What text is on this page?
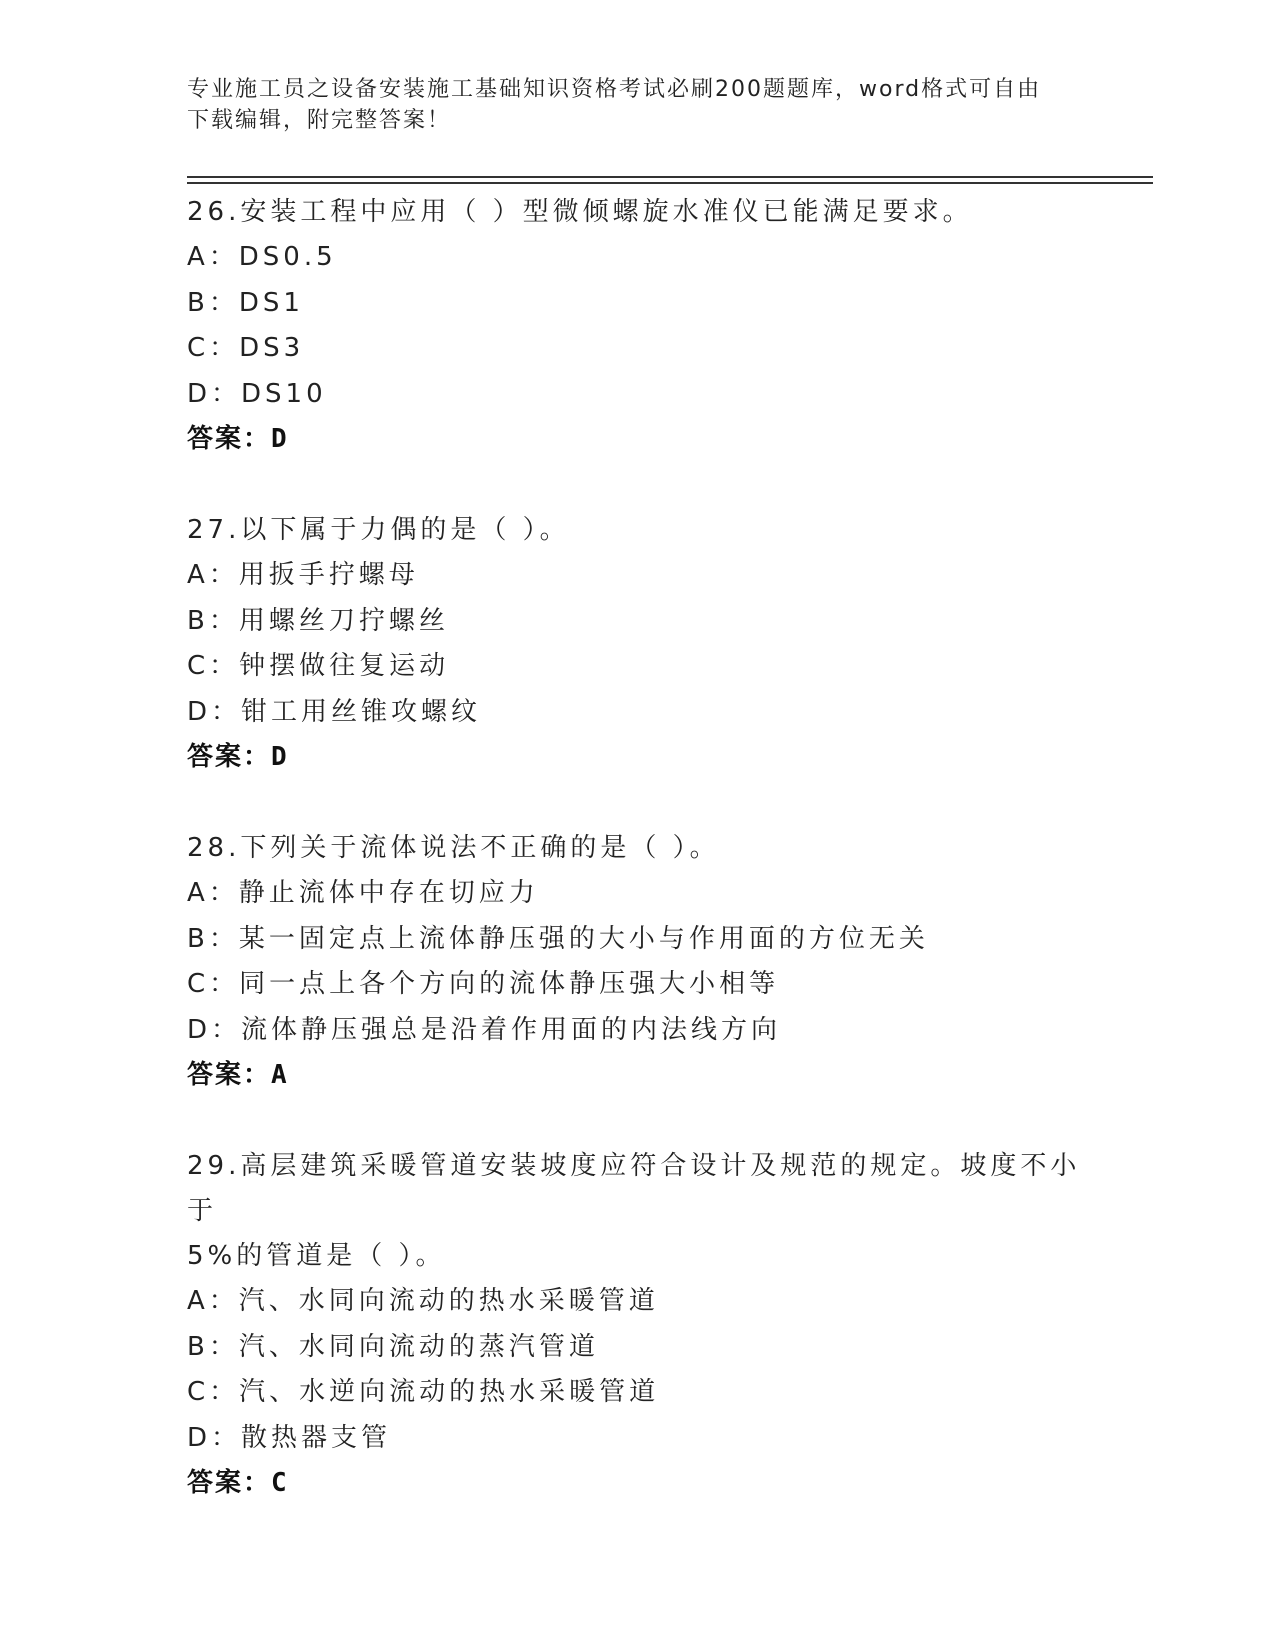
专业施工员之设备安装施工基础知识资格考试必刷200题题库，word格式可自由
下载编辑，附完整答案！
26.安装工程中应用（ ）型微倾螺旋水准仪已能满足要求。
A：DS0.5
B：DS1
C：DS3
D：DS10
答案：D
27.以下属于力偶的是（ ）。
A：用扳手拧螺母
B：用螺丝刀拧螺丝
C：钟摆做往复运动
D：钳工用丝锥攻螺纹
答案：D
28.下列关于流体说法不正确的是（ ）。
A：静止流体中存在切应力
B：某一固定点上流体静压强的大小与作用面的方位无关
C：同一点上各个方向的流体静压强大小相等
D：流体静压强总是沿着作用面的内法线方向
答案：A
29.高层建筑采暖管道安装坡度应符合设计及规范的规定。坡度不小于
5%的管道是（ ）。
A：汽、水同向流动的热水采暖管道
B：汽、水同向流动的蒸汽管道
C：汽、水逆向流动的热水采暖管道
D：散热器支管
答案：C
